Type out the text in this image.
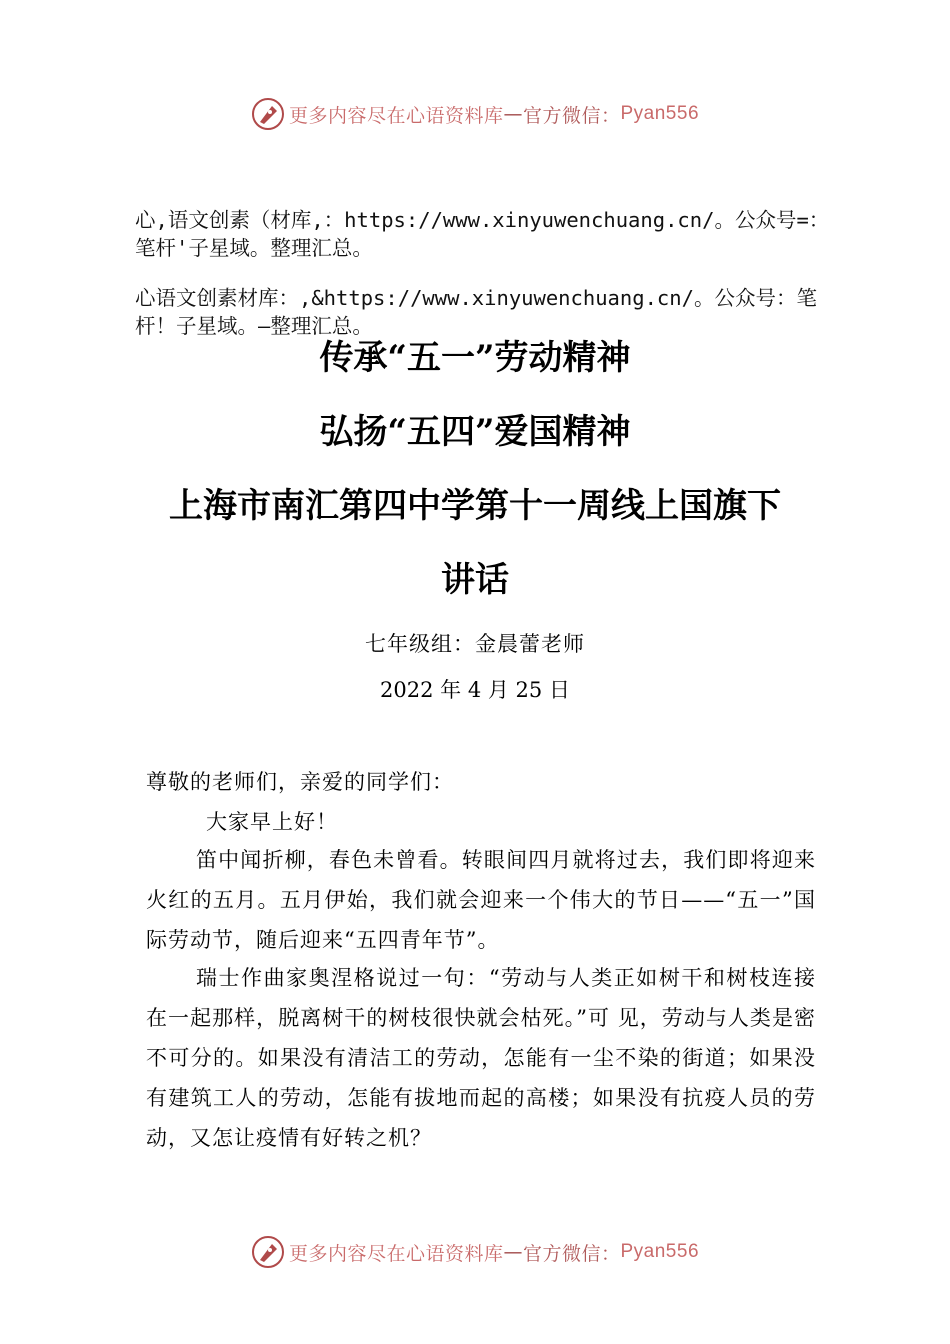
更多内容尽在心语资料库 — 官方微信： Pyan556

心,语文创素（材库,：https://www.xinyuwenchuang.cn/。公众号=：笔杆'子星域。整理汇总。

心语文创素材库：,&https://www.xinyuwenchuang.cn/。公众号：笔杆！子星域。—整理汇总。

传承“五一”劳动精神
弘扬“五四”爱国精神
上海市南汇第四中学第十一周线上国旗下
讲话

七年级组：金晨蕾老师

2022 年 4 月 25 日

尊敬的老师们，亲爱的同学们：

大家早上好！

笛中闻折柳，春色未曾看。转眼间四月就将过去，我们即将迎来火红的五月。五月伊始，我们就会迎来一个伟大的节日——“五一”国际劳动节，随后迎来“五四青年节”。

瑞士作曲家奥涅格说过一句：“劳动与人类正如树干和树枝连接在一起那样，脱离树干的树枝很快就会枯死。”可 见，劳动与人类是密不可分的。如果没有清洁工的劳动，怎能有一尘不染的街道；如果没有建筑工人的劳动，怎能有拔地而起的高楼；如果没有抗疫人员的劳动，又怎让疫情有好转之机？

更多内容尽在心语资料库 — 官方微信： Pyan556
